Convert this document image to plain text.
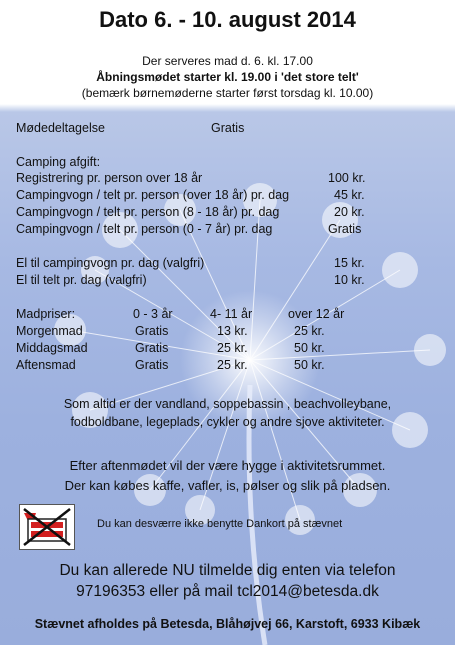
Dato 6. - 10. august 2014
Der serveres mad d. 6. kl. 17.00
Åbningsmødet starter kl. 19.00 i 'det store telt'
(bemærk børnemøderne starter først torsdag kl. 10.00)
Mødedeltagelse	Gratis
Camping afgift:
Registrering pr. person over 18 år	100 kr.
Campingvogn / telt pr. person (over 18 år) pr. dag	45 kr.
Campingvogn / telt pr. person (8 - 18 år) pr. dag	20 kr.
Campingvogn / telt pr. person (0 - 7 år) pr. dag	Gratis
El til campingvogn pr. dag (valgfri)	15 kr.
El til telt pr. dag (valgfri)	10 kr.
Madpriser:	0 - 3 år	4- 11 år	over 12 år
Morgenmad	Gratis	13 kr.	25 kr.
Middagsmad	Gratis	25 kr.	50 kr.
Aftensmad	Gratis	25 kr.	50 kr.
Som altid er der vandland, soppebassin , beachvolleybane,
fodboldbane, legeplads, cykler og andre sjove aktiviteter.
Efter aftenmødet vil der være hygge i aktivitetsrummet.
Der kan købes kaffe, vafler, is, pølser og slik på pladsen.
Du kan desværre ikke benytte Dankort på stævnet
Du kan allerede NU tilmelde dig enten via telefon
97196353 eller på mail tcl2014@betesda.dk
Stævnet afholdes på Betesda, Blåhøjvej 66, Karstoft, 6933 Kibæk
